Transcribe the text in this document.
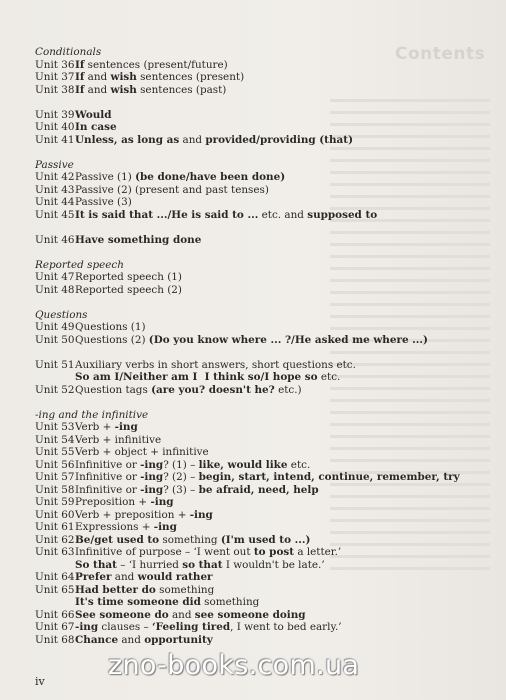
Contents
Conditionals
Unit 36 If sentences (present/future)
Unit 37 If and wish sentences (present)
Unit 38 If and wish sentences (past)
Unit 39 Would
Unit 40 In case
Unit 41 Unless, as long as and provided/providing (that)
Passive
Unit 42 Passive (1) (be done/have been done)
Unit 43 Passive (2) (present and past tenses)
Unit 44 Passive (3)
Unit 45 It is said that .../He is said to ... etc. and supposed to
Unit 46 Have something done
Reported speech
Unit 47 Reported speech (1)
Unit 48 Reported speech (2)
Questions
Unit 49 Questions (1)
Unit 50 Questions (2) (Do you know where ... ?/He asked me where ...)
Unit 51 Auxiliary verbs in short answers, short questions etc.
So am I/Neither am I  I think so/I hope so etc.
Unit 52 Question tags (are you? doesn't he? etc.)
-ing and the infinitive
Unit 53 Verb + -ing
Unit 54 Verb + infinitive
Unit 55 Verb + object + infinitive
Unit 56 Infinitive or -ing? (1) – like, would like etc.
Unit 57 Infinitive or -ing? (2) – begin, start, intend, continue, remember, try
Unit 58 Infinitive or -ing? (3) – be afraid, need, help
Unit 59 Preposition + -ing
Unit 60 Verb + preposition + -ing
Unit 61 Expressions + -ing
Unit 62 Be/get used to something (I'm used to ...)
Unit 63 Infinitive of purpose – ‘I went out to post a letter.’
So that – ‘I hurried so that I wouldn't be late.’
Unit 64 Prefer and would rather
Unit 65 Had better do something
It's time someone did something
Unit 66 See someone do and see someone doing
Unit 67 -ing clauses – ‘Feeling tired, I went to bed early.’
Unit 68 Chance and opportunity
iv
zno-books.com.ua
